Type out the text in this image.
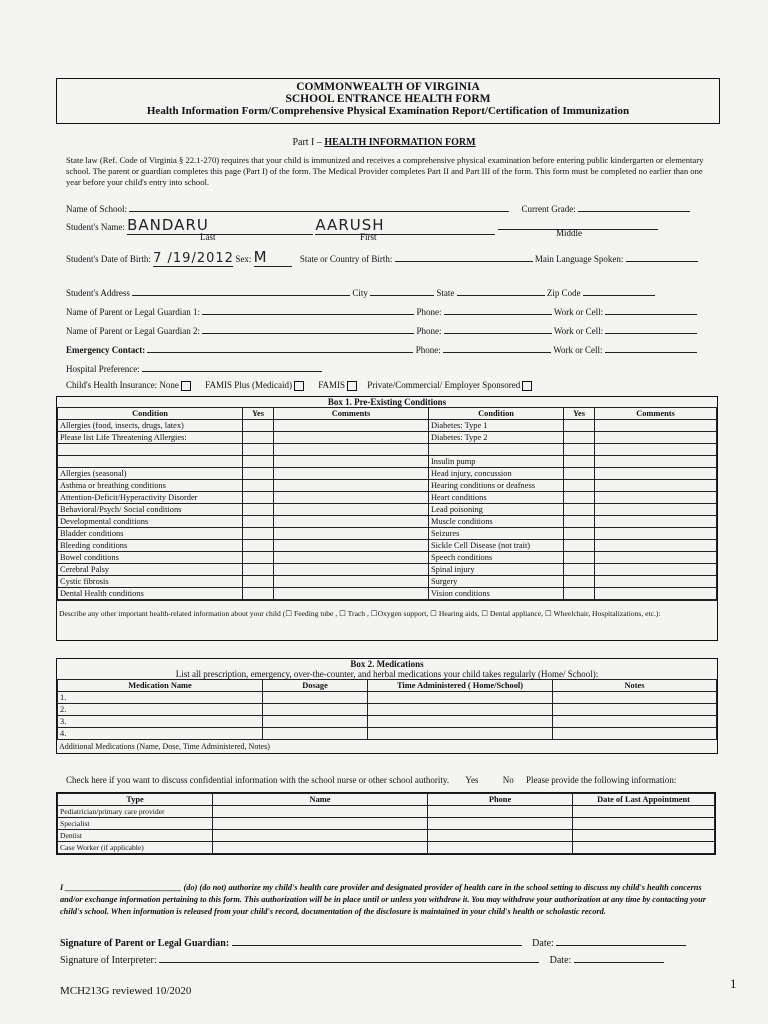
COMMONWEALTH OF VIRGINIA
SCHOOL ENTRANCE HEALTH FORM
Health Information Form/Comprehensive Physical Examination Report/Certification of Immunization
Part I – HEALTH INFORMATION FORM
State law (Ref. Code of Virginia § 22.1-270) requires that your child is immunized and receives a comprehensive physical examination before entering public kindergarten or elementary school. The parent or guardian completes this page (Part I) of the form. The Medical Provider completes Part II and Part III of the form. This form must be completed no earlier than one year before your child's entry into school.
Name of School:	Current Grade:
Student's Name: BANDARU	AARUSH
Last	First	Middle
Student's Date of Birth: 7 /19/2012 Sex: M	State or Country of Birth:	Main Language Spoken:
Student's Address	City	State	Zip Code
Name of Parent or Legal Guardian 1:	Phone:	Work or Cell:
Name of Parent or Legal Guardian 2:	Phone:	Work or Cell:
Emergency Contact:	Phone:	Work or Cell:
Hospital Preference:
Child's Health Insurance: None	FAMIS Plus (Medicaid)	FAMIS Private/Commercial/ Employer Sponsored
Box 1. Pre-Existing Conditions
Condition	Yes	Comments	Condition	Yes	Comments
Allergies (food, insects, drugs, latex)			Diabetes: Type 1		
Please list Life Threatening Allergies:			Diabetes: Type 2		

			Insulin pump		
Allergies (seasonal)			Head injury, concussion		
Asthma or breathing conditions			Hearing conditions or deafness		
Attention-Deficit/Hyperactivity Disorder			Heart conditions		
Behavioral/Psych/ Social conditions			Lead poisoning		
Developmental conditions			Muscle conditions		
Bladder conditions			Seizures		
Bleeding conditions			Sickle Cell Disease (not trait)		
Bowel conditions			Speech conditions		
Cerebral Palsy			Spinal injury		
Cystic fibrosis			Surgery		
Dental Health conditions			Vision conditions		
Describe any other important health-related information about your child (☐ Feeding tube , ☐ Trach , ☐Oxygen support, ☐ Hearing aids, ☐ Dental appliance, ☐ Wheelchair, Hospitalizations, etc.):
Box 2. Medications
List all prescription, emergency, over-the-counter, and herbal medications your child takes regularly (Home/ School):
Medication Name	Dosage	Time Administered ( Home/School)	Notes
1.			
2.			
3.			
4.			
Additional Medications (Name, Dose, Time Administered, Notes)
Check here if you want to discuss confidential information with the school nurse or other school authority. Yes	No Please provide the following information:
Type	Name	Phone	Date of Last Appointment
Pediatrician/primary care provider			
Specialist			
Dentist			
Case Worker (if applicable)			
I ____________________________ (do) (do not) authorize my child's health care provider and designated provider of health care in the school setting to discuss my child's health concerns and/or exchange information pertaining to this form. This authorization will be in place until or unless you withdraw it. You may withdraw your authorization at any time by contacting your child's school. When information is released from your child's record, documentation of the disclosure is maintained in your child's health or scholastic record.
Signature of Parent or Legal Guardian:	Date:
Signature of Interpreter:	Date:
MCH213G reviewed 10/2020	1
